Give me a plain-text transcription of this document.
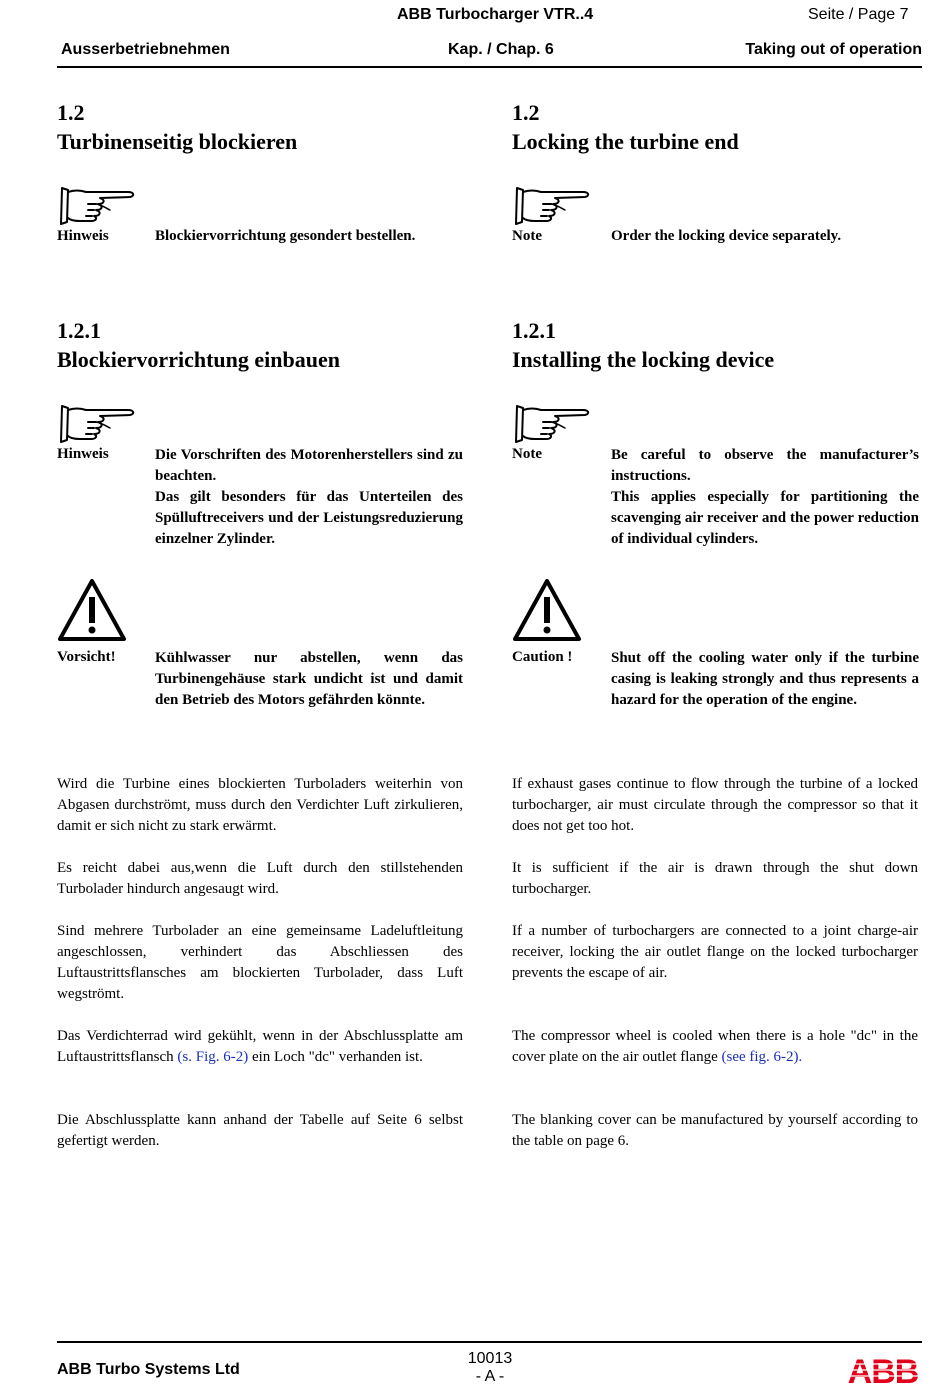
ABB Turbocharger VTR..4	Seite / Page 7
Ausserbetriebnehmen	Kap. / Chap. 6	Taking out of operation
1.2
Turbinenseitig blockieren
1.2
Locking the turbine end
Hinweis	Blockiervorrichtung gesondert bestellen.	Note	Order the locking device separately.
1.2.1
Blockiervorrichtung einbauen
1.2.1
Installing the locking device
Hinweis	Die Vorschriften des Motorenherstellers sind zu beachten.
Das gilt besonders für das Unterteilen des Spülluftreceivers und der Leistungsreduzierung einzelner Zylinder.
Note	Be careful to observe the manufacturer’s instructions.
This applies especially for partitioning the scavenging air receiver and the power reduction of individual cylinders.
Vorsicht!	Kühlwasser nur abstellen, wenn das Turbinengehäuse stark undicht ist und damit den Betrieb des Motors gefährden könnte.
Caution !	Shut off the cooling water only if the turbine casing is leaking strongly and thus represents a hazard for the operation of the engine.
Wird die Turbine eines blockierten Turboladers weiterhin von Abgasen durchströmt, muss durch den Verdichter Luft zirkulieren, damit er sich nicht zu stark erwärmt.
Es reicht dabei aus,wenn die Luft durch den stillstehenden Turbolader hindurch angesaugt wird.
Sind mehrere Turbolader an eine gemeinsame Ladeluftleitung angeschlossen, verhindert das Abschliessen des Luftaustrittsflansches am blockierten Turbolader, dass Luft wegströmt.
Das Verdichterrad wird gekühlt, wenn in der Abschlussplatte am Luftaustrittsflansch (s. Fig. 6-2) ein Loch "dc" verhanden ist.
Die Abschlussplatte kann anhand der Tabelle auf Seite 6 selbst gefertigt werden.
If exhaust gases continue to flow through the turbine of a locked turbocharger, air must circulate through the compressor so that it does not get too hot.
It is sufficient if the air is drawn through the shut down turbocharger.
If a number of turbochargers are connected to a joint charge-air receiver, locking the air outlet flange on the locked turbocharger prevents the escape of air.
The compressor wheel is cooled when there is a hole "dc" in the cover plate on the air outlet flange (see fig. 6-2).
The blanking cover can be manufactured by yourself according to the table on page 6.
ABB Turbo Systems Ltd
10013
- A -	ABB
